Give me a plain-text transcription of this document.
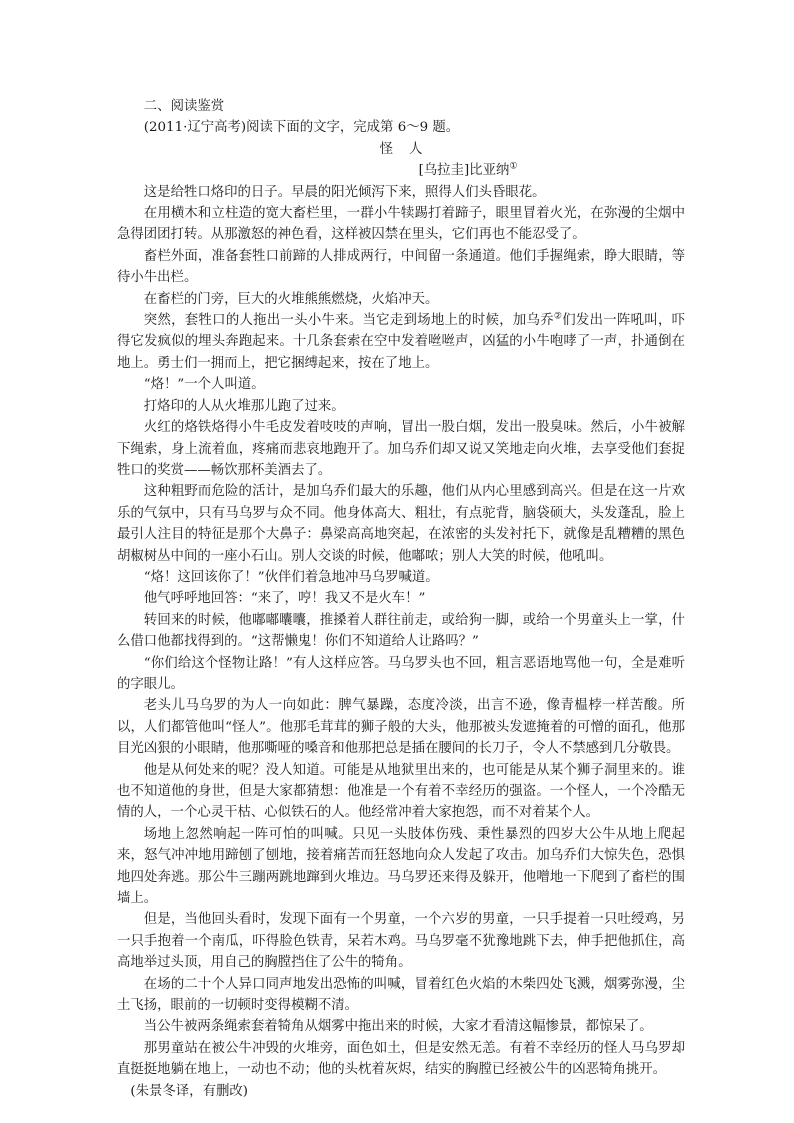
二、阅读鉴赏

(2011·辽宁高考)阅读下面的文字，完成第 6～9 题。

怪人

[乌拉圭]比亚纳①

这是给牲口烙印的日子。早晨的阳光倾泻下来，照得人们头昏眼花。

在用横木和立柱造的宽大畜栏里，一群小牛犊踢打着蹄子，眼里冒着火光，在弥漫的尘烟中急得团团打转。从那激怒的神色看，这样被囚禁在里头，它们再也不能忍受了。

畜栏外面，准备套牲口前蹄的人排成两行，中间留一条通道。他们手握绳索，睁大眼睛，等待小牛出栏。

在畜栏的门旁，巨大的火堆熊熊燃烧，火焰冲天。

突然，套牲口的人拖出一头小牛来。当它走到场地上的时候，加乌乔②们发出一阵吼叫，吓得它发疯似的埋头奔跑起来。十几条套索在空中发着咝咝声，凶猛的小牛咆哮了一声，扑通倒在地上。勇士们一拥而上，把它捆缚起来，按在了地上。

“烙！”一个人叫道。

打烙印的人从火堆那儿跑了过来。

火红的烙铁烙得小牛毛皮发着吱吱的声响，冒出一股白烟，发出一股臭味。然后，小牛被解下绳索，身上流着血，疼痛而悲哀地跑开了。加乌乔们却又说又笑地走向火堆，去享受他们套捉牲口的奖赏——畅饮那杯美酒去了。

这种粗野而危险的活计，是加乌乔们最大的乐趣，他们从内心里感到高兴。但是在这一片欢乐的气氛中，只有马乌罗与众不同。他身体高大、粗壮，有点驼背，脑袋硕大，头发蓬乱，脸上最引人注目的特征是那个大鼻子：鼻梁高高地突起，在浓密的头发衬托下，就像是乱糟糟的黑色胡椒树丛中间的一座小石山。别人交谈的时候，他嘟哝；别人大笑的时候，他吼叫。

“烙！这回该你了！”伙伴们着急地冲马乌罗喊道。

他气呼呼地回答：“来了，哼！我又不是火车！”

转回来的时候，他嘟嘟囔囔，推搡着人群往前走，或给狗一脚，或给一个男童头上一掌，什么借口他都找得到的。“这帮懒鬼！你们不知道给人让路吗？”

“你们给这个怪物让路！”有人这样应答。马乌罗头也不回，粗言恶语地骂他一句，全是难听的字眼儿。

老头儿马乌罗的为人一向如此：脾气暴躁，态度冷淡，出言不逊，像青榅桲一样苦酸。所以，人们都管他叫“怪人”。他那毛茸茸的狮子般的大头，他那被头发遮掩着的可憎的面孔，他那目光凶狠的小眼睛，他那嘶哑的嗓音和他那把总是插在腰间的长刀子，令人不禁感到几分敬畏。

他是从何处来的呢？没人知道。可能是从地狱里出来的，也可能是从某个狮子洞里来的。谁也不知道他的身世，但是大家都猜想：他准是一个有着不幸经历的强盗。一个怪人，一个冷酷无情的人，一个心灵干枯、心似铁石的人。他经常冲着大家抱怨，而不对着某个人。

场地上忽然响起一阵可怕的叫喊。只见一头肢体伤残、秉性暴烈的四岁大公牛从地上爬起来，怒气冲冲地用蹄刨了刨地，接着痛苦而狂怒地向众人发起了攻击。加乌乔们大惊失色，恐惧地四处奔逃。那公牛三蹦两跳地蹿到火堆边。马乌罗还来得及躲开，他噌地一下爬到了畜栏的围墙上。

但是，当他回头看时，发现下面有一个男童，一个六岁的男童，一只手提着一只吐绶鸡，另一只手抱着一个南瓜，吓得脸色铁青，呆若木鸡。马乌罗毫不犹豫地跳下去，伸手把他抓住，高高地举过头顶，用自己的胸膛挡住了公牛的犄角。

在场的二十个人异口同声地发出恐怖的叫喊，冒着红色火焰的木柴四处飞溅，烟雾弥漫，尘土飞扬，眼前的一切顿时变得模糊不清。

当公牛被两条绳索套着犄角从烟雾中拖出来的时候，大家才看清这幅惨景，都惊呆了。

那男童站在被公牛冲毁的火堆旁，面色如土，但是安然无恙。有着不幸经历的怪人马乌罗却直挺挺地躺在地上，一动也不动；他的头枕着灰烬，结实的胸膛已经被公牛的凶恶犄角挑开。

(朱景冬译，有删改)
